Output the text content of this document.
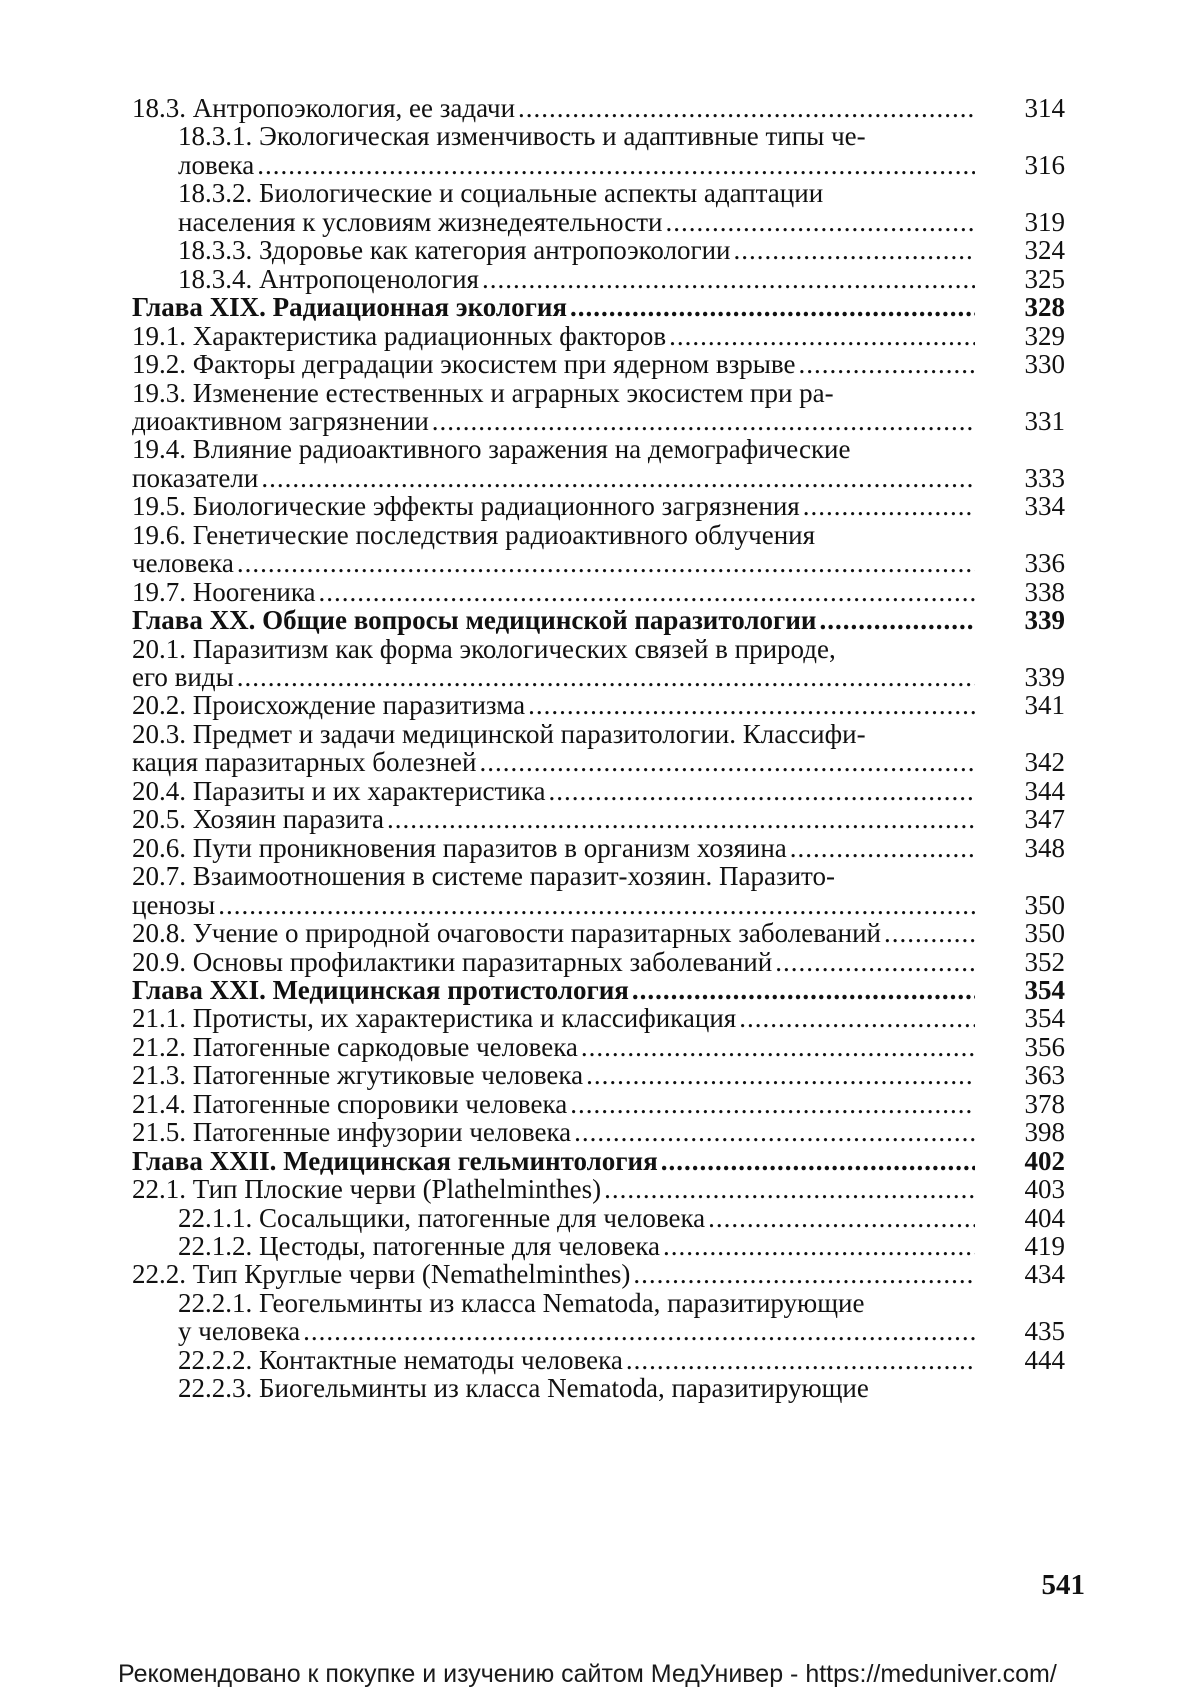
18.3. Антропоэкология, ее задачи .....	314
18.3.1. Экологическая изменчивость и адаптивные типы че-
ловека .....	316
18.3.2. Биологические и социальные аспекты адаптации
населения к условиям жизнедеятельности .....	319
18.3.3. Здоровье как категория антропоэкологии .....	324
18.3.4. Антропоценология .....	325
Глава XIX. Радиационная экология .....	328
19.1. Характеристика радиационных факторов .....	329
19.2. Факторы деградации экосистем при ядерном взрыве .....	330
19.3. Изменение естественных и аграрных экосистем при ра-
диоактивном загрязнении .....	331
19.4. Влияние радиоактивного заражения на демографические
показатели .....	333
19.5. Биологические эффекты радиационного загрязнения .....	334
19.6. Генетические последствия радиоактивного облучения
человека .....	336
19.7. Ноогеника .....	338
Глава XX. Общие вопросы медицинской паразитологии .....	339
20.1. Паразитизм как форма экологических связей в природе,
его виды .....	339
20.2. Происхождение паразитизма .....	341
20.3. Предмет и задачи медицинской паразитологии. Классифи-
кация паразитарных болезней .....	342
20.4. Паразиты и их характеристика .....	344
20.5. Хозяин паразита .....	347
20.6. Пути проникновения паразитов в организм хозяина .....	348
20.7. Взаимоотношения в системе паразит-хозяин. Паразито-
ценозы .....	350
20.8. Учение о природной очаговости паразитарных заболеваний .....	350
20.9. Основы профилактики паразитарных заболеваний .....	352
Глава XXI. Медицинская протистология .....	354
21.1. Протисты, их характеристика и классификация .....	354
21.2. Патогенные саркодовые человека .....	356
21.3. Патогенные жгутиковые человека .....	363
21.4. Патогенные споровики человека .....	378
21.5. Патогенные инфузории человека .....	398
Глава XXII. Медицинская гельминтология .....	402
22.1. Тип Плоские черви (Plathelminthes) .....	403
22.1.1. Сосальщики, патогенные для человека .....	404
22.1.2. Цестоды, патогенные для человека .....	419
22.2. Тип Круглые черви (Nemathelminthes) .....	434
22.2.1. Геогельминты из класса Nematoda, паразитирующие
у человека .....	435
22.2.2. Контактные нематоды человека .....	444
22.2.3. Биогельминты из класса Nematoda, паразитирующие
541
Рекомендовано к покупке и изучению сайтом МедУнивер - https://meduniver.com/
